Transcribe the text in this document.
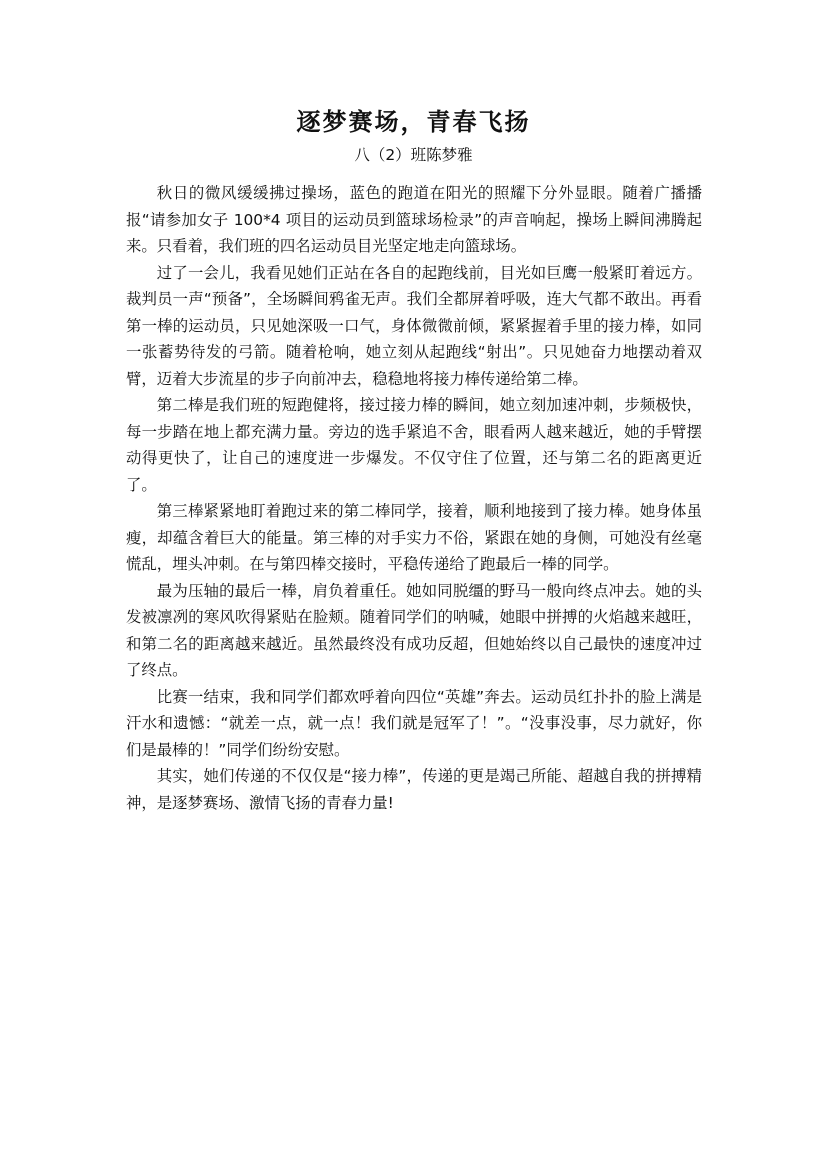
逐梦赛场，青春飞扬
八（2）班陈梦雅

秋日的微风缓缓拂过操场，蓝色的跑道在阳光的照耀下分外显眼。随着广播播报“请参加女子 100*4 项目的运动员到篮球场检录”的声音响起，操场上瞬间沸腾起来。只看着，我们班的四名运动员目光坚定地走向篮球场。

过了一会儿，我看见她们正站在各自的起跑线前，目光如巨鹰一般紧盯着远方。裁判员一声“预备”，全场瞬间鸦雀无声。我们全都屏着呼吸，连大气都不敢出。再看第一棒的运动员，只见她深吸一口气，身体微微前倾，紧紧握着手里的接力棒，如同一张蓄势待发的弓箭。随着枪响，她立刻从起跑线“射出”。只见她奋力地摆动着双臂，迈着大步流星的步子向前冲去，稳稳地将接力棒传递给第二棒。

第二棒是我们班的短跑健将，接过接力棒的瞬间，她立刻加速冲刺，步频极快，每一步踏在地上都充满力量。旁边的选手紧追不舍，眼看两人越来越近，她的手臂摆动得更快了，让自己的速度进一步爆发。不仅守住了位置，还与第二名的距离更近了。

第三棒紧紧地盯着跑过来的第二棒同学，接着，顺利地接到了接力棒。她身体虽瘦，却蕴含着巨大的能量。第三棒的对手实力不俗，紧跟在她的身侧，可她没有丝毫慌乱，埋头冲刺。在与第四棒交接时，平稳传递给了跑最后一棒的同学。

最为压轴的最后一棒，肩负着重任。她如同脱缰的野马一般向终点冲去。她的头发被凛冽的寒风吹得紧贴在脸颊。随着同学们的呐喊，她眼中拼搏的火焰越来越旺，和第二名的距离越来越近。虽然最终没有成功反超，但她始终以自己最快的速度冲过了终点。

比赛一结束，我和同学们都欢呼着向四位“英雄”奔去。运动员红扑扑的脸上满是汗水和遗憾：“就差一点，就一点！我们就是冠军了！”。“没事没事，尽力就好，你们是最棒的！”同学们纷纷安慰。

其实，她们传递的不仅仅是“接力棒”，传递的更是竭己所能、超越自我的拼搏精神，是逐梦赛场、激情飞扬的青春力量!
